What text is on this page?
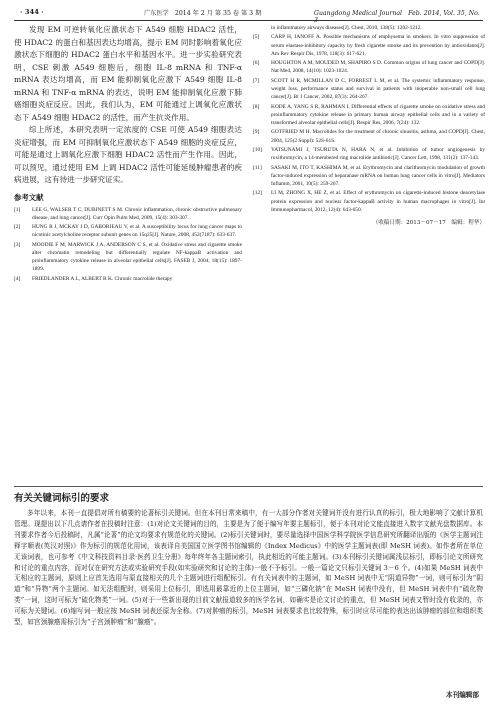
· 344 ·	广东医学　2014 年 2 月 第 35 卷 第 3 期	Guangdong Medical Journal　Feb. 2014, Vol. 35, No.

发现 EM 可逆转氧化应激状态下 A549 细胞 HDAC2 活性，使 HDAC2 的蛋白和基因表达均增高，提示 EM 同时影响着氧化应激状态下细胞的 HDAC2 蛋白水平和基因水平。进一步实验研究表明，CSE 刺激 A549 细胞后，细胞 IL-8 mRNA 和 TNF-α mRNA 表达均增高，而 EM 能抑制氧化应激下 A549 细胞 IL-8 mRNA 和 TNF-α mRNA 的表达，说明 EM 能抑制氧化应激下肺癌细胞炎症反应。因此，我们认为，EM 可能通过上调氧化应激状态下 A549 细胞 HDAC2 的活性，而产生抗炎作用。

综上所述，本研究表明一定浓度的 CSE 可使 A549 细胞表达炎症增强，而 EM 可抑制氧化应激状态下 A549 细胞的炎症反应，可能是通过上调氧化应激下细胞 HDAC2 活性而产生作用。因此，可以预见，通过使用 EM 上调 HDAC2 活性可能延缓肿瘤患者的疾病进展，这有待进一步研究证实。

参考文献
[1]	LEE G, WALSER T C, DUBINETT S M. Chronic inflammation, chronic obstructive pulmonary disease, and lung cancer[J]. Curr Opin Pulm Med, 2009, 15(4): 303-307.
[2]	HUNG R J, MCKAY J D, GABORIEAU V, et al. A susceptibility locus for lung cancer maps to nicotinic acetylcholine receptor subunit genes on 15q25[J]. Nature, 2008, 452(7187): 633-637.
[3]	MOODIE F M, MARWICK J A, ANDERSON C S, et al. Oxidative stress and cigarette smoke alter chromatin remodeling but differentially regulate NF-kappaB activation and proinflammatory cytokine release in alveolar epithelial cells[J]. FASEB J, 2004, 18(15): 1897-1899.
[4]	FRIEDLANDER A L, ALBERT R K. Chronic macrolide therapy
in inflammatory airways diseases[J]. Chest, 2010, 138(5): 1202-1212.
[5]	CARP H, JANOFF A. Possible mechanisms of emphysema in smokers. In vitro suppression of serum elastase-inhibitory capacity by fresh cigarette smoke and its prevention by antioxidants[J]. Am Rev Respir Dis, 1978, 118(3): 617-621.
[6]	HOUGHTON A M, MOUDED M, SHAPIRO S D. Common origins of lung cancer and COPD[J]. Nat Med, 2008, 14(10): 1023-1024.
[7]	SCOTT H R, MCMILLAN D C, FORREST L M, et al. The systemic inflammatory response, weight loss, performance status and survival in patients with inoperable non-small cell lung cancer[J]. Br J Cancer, 2002, 87(3): 264-267.
[8]	KODE A, YANG S R, RAHMAN I. Differential effects of cigarette smoke on oxidative stress and proinflammatory cytokine release in primary human airway epithelial cells and in a variety of transformed alveolar epithelial cells[J]. Respir Res, 2006, 7(24): 132.
[9]	GOTFRIED M H. Macrolides for the treatment of chronic sinusitis, asthma, and COPD[J]. Chest, 2004, 125(2 Suppl): 52S-61S.
[10]	YATSUNAMI J, TSURUTA N, HARA N, et al. Inhibition of tumor angiogenesis by roxithromycin, a 14-membered ring macrolide antibiotic[J]. Cancer Lett, 1998, 131(2): 137-143.
[11]	SASAKI M, ITO T, KASHIMA M, et al. Erythromycin and clarithromycin modulation of growth factor-induced expression of heparanase mRNA on human lung cancer cells in vitro[J]. Mediators Inflamm, 2001, 10(5): 259-267.
[12]	LI M, ZHONG X, HE Z, et al. Effect of erythromycin on cigarette-induced histone deacetylase protein expression and nuclear factor-kappaB activity in human macrophages in vitro[J]. Int Immunopharmacol, 2012, 12(4): 643-650.
（收稿日期：2013－07－17　编辑：程华）
有关关键词标引的要求

多年以来，本刊一直提倡对所有稿要的论著标引关键词。但在本刊日常来稿中，有一大部分作者对关键词并没有进行认真的标引，极大地影响了文献计算机管理。现提出以下几点请作者在投稿时注意：(1)对论文关键词的目的，主要是为了便于编写年要主题标引，便于本刊对论文能直接进入数字文献光盘数据库。本刊要求作者今后投稿时，凡属“论著”的论文均要求有规范化的关键词。(2)标引关键词时，要尽量选择中国医学科学院医学信息研究所翻译出版的《医学主题词注释字顺表(英汉对照)》作为标引的规范化用词，该表译自美国国立医学图书馆编辑的《Index Medicus》中的医学主题词表(即 MeSH 词表)。如作者所在单位无该词表，也可参考《中文科技资料目录·医药卫生分册》每年终年各主题词索引，执此相近的可能主题词。(3)本刊标引关键词属浅层标引，即标引论文所研究和讨论的重点内容，而对仅在研究方法或实验研究手段(如实验研究和讨论的主体)一般不予标引。一般一篇论文只标引关键词 3－6 个。(4)如果 MeSH 词表中无相应的主题词，原则上应首先选用与原直接相关的几个主题词进行组配标引。有有关词表中的主题词，如 MeSH 词表中无“阴道异物”一词，则可标引为“阴道”和“异物”两个主题词。如无法组配时，则采用上位标引，即选用最靠近的上位主题词，如“三磷化钠”在 MeSH 词表中没有，但 MeSH 词表中有“硫化物类”一词，这时可标为“硫化物类”一词。(5)对于一些新出现的目前文献报道较多的医学名词，如确实是论文讨论的重点，但 MeSH 词表又暂时没有收录的，亦可标为关键词。(6)缩写词一般应按 MeSH 词表还原为全称。(7)对肿瘤的标引，MeSH 词表要求也比较特殊，标引时应尽可能的表达出该肿瘤的部位和组织类型，如宫颈腺癌需标引为“子宫颈肿瘤”和“腺癌”。

本刊编辑部
